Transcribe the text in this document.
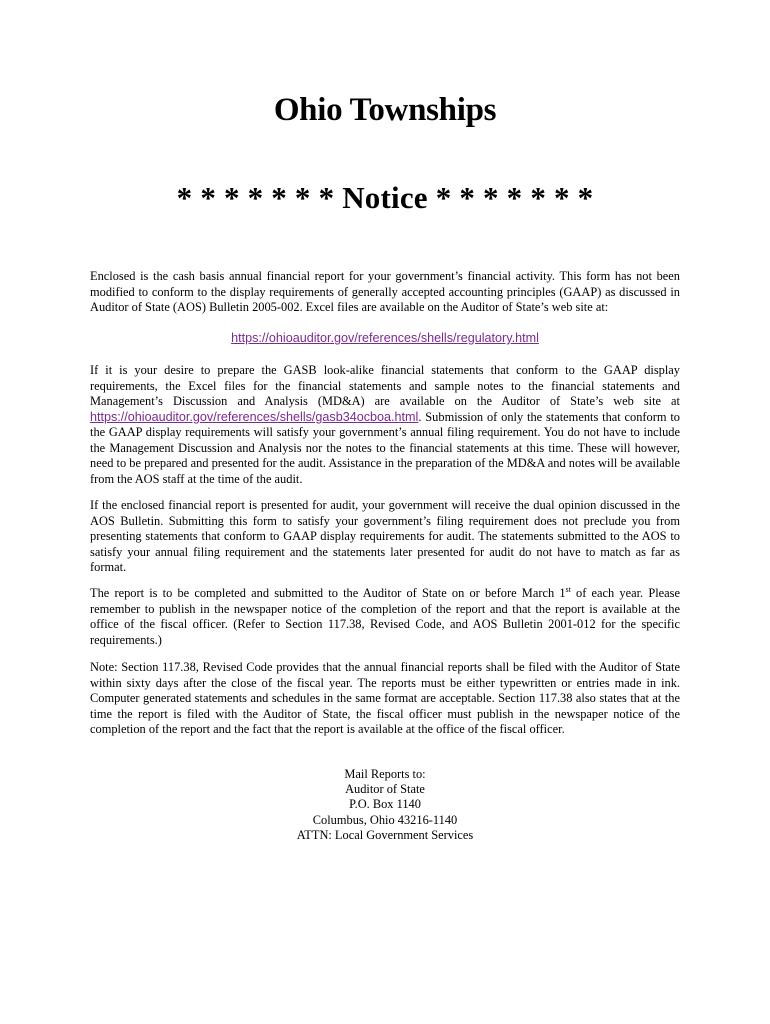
Ohio Townships
* * * * * * * Notice * * * * * * *

Enclosed is the cash basis annual financial report for your government’s financial activity. This form has not been modified to conform to the display requirements of generally accepted accounting principles (GAAP) as discussed in Auditor of State (AOS) Bulletin 2005-002. Excel files are available on the Auditor of State’s web site at:

https://ohioauditor.gov/references/shells/regulatory.html

If it is your desire to prepare the GASB look-alike financial statements that conform to the GAAP display requirements, the Excel files for the financial statements and sample notes to the financial statements and Management’s Discussion and Analysis (MD&A) are available on the Auditor of State’s web site at https://ohioauditor.gov/references/shells/gasb34ocboa.html. Submission of only the statements that conform to the GAAP display requirements will satisfy your government’s annual filing requirement. You do not have to include the Management Discussion and Analysis nor the notes to the financial statements at this time. These will however, need to be prepared and presented for the audit. Assistance in the preparation of the MD&A and notes will be available from the AOS staff at the time of the audit.

If the enclosed financial report is presented for audit, your government will receive the dual opinion discussed in the AOS Bulletin. Submitting this form to satisfy your government’s filing requirement does not preclude you from presenting statements that conform to GAAP display requirements for audit. The statements submitted to the AOS to satisfy your annual filing requirement and the statements later presented for audit do not have to match as far as format.

The report is to be completed and submitted to the Auditor of State on or before March 1st of each year. Please remember to publish in the newspaper notice of the completion of the report and that the report is available at the office of the fiscal officer. (Refer to Section 117.38, Revised Code, and AOS Bulletin 2001-012 for the specific requirements.)

Note: Section 117.38, Revised Code provides that the annual financial reports shall be filed with the Auditor of State within sixty days after the close of the fiscal year. The reports must be either typewritten or entries made in ink. Computer generated statements and schedules in the same format are acceptable. Section 117.38 also states that at the time the report is filed with the Auditor of State, the fiscal officer must publish in the newspaper notice of the completion of the report and the fact that the report is available at the office of the fiscal officer.

Mail Reports to:
Auditor of State
P.O. Box 1140
Columbus, Ohio 43216-1140
ATTN: Local Government Services
